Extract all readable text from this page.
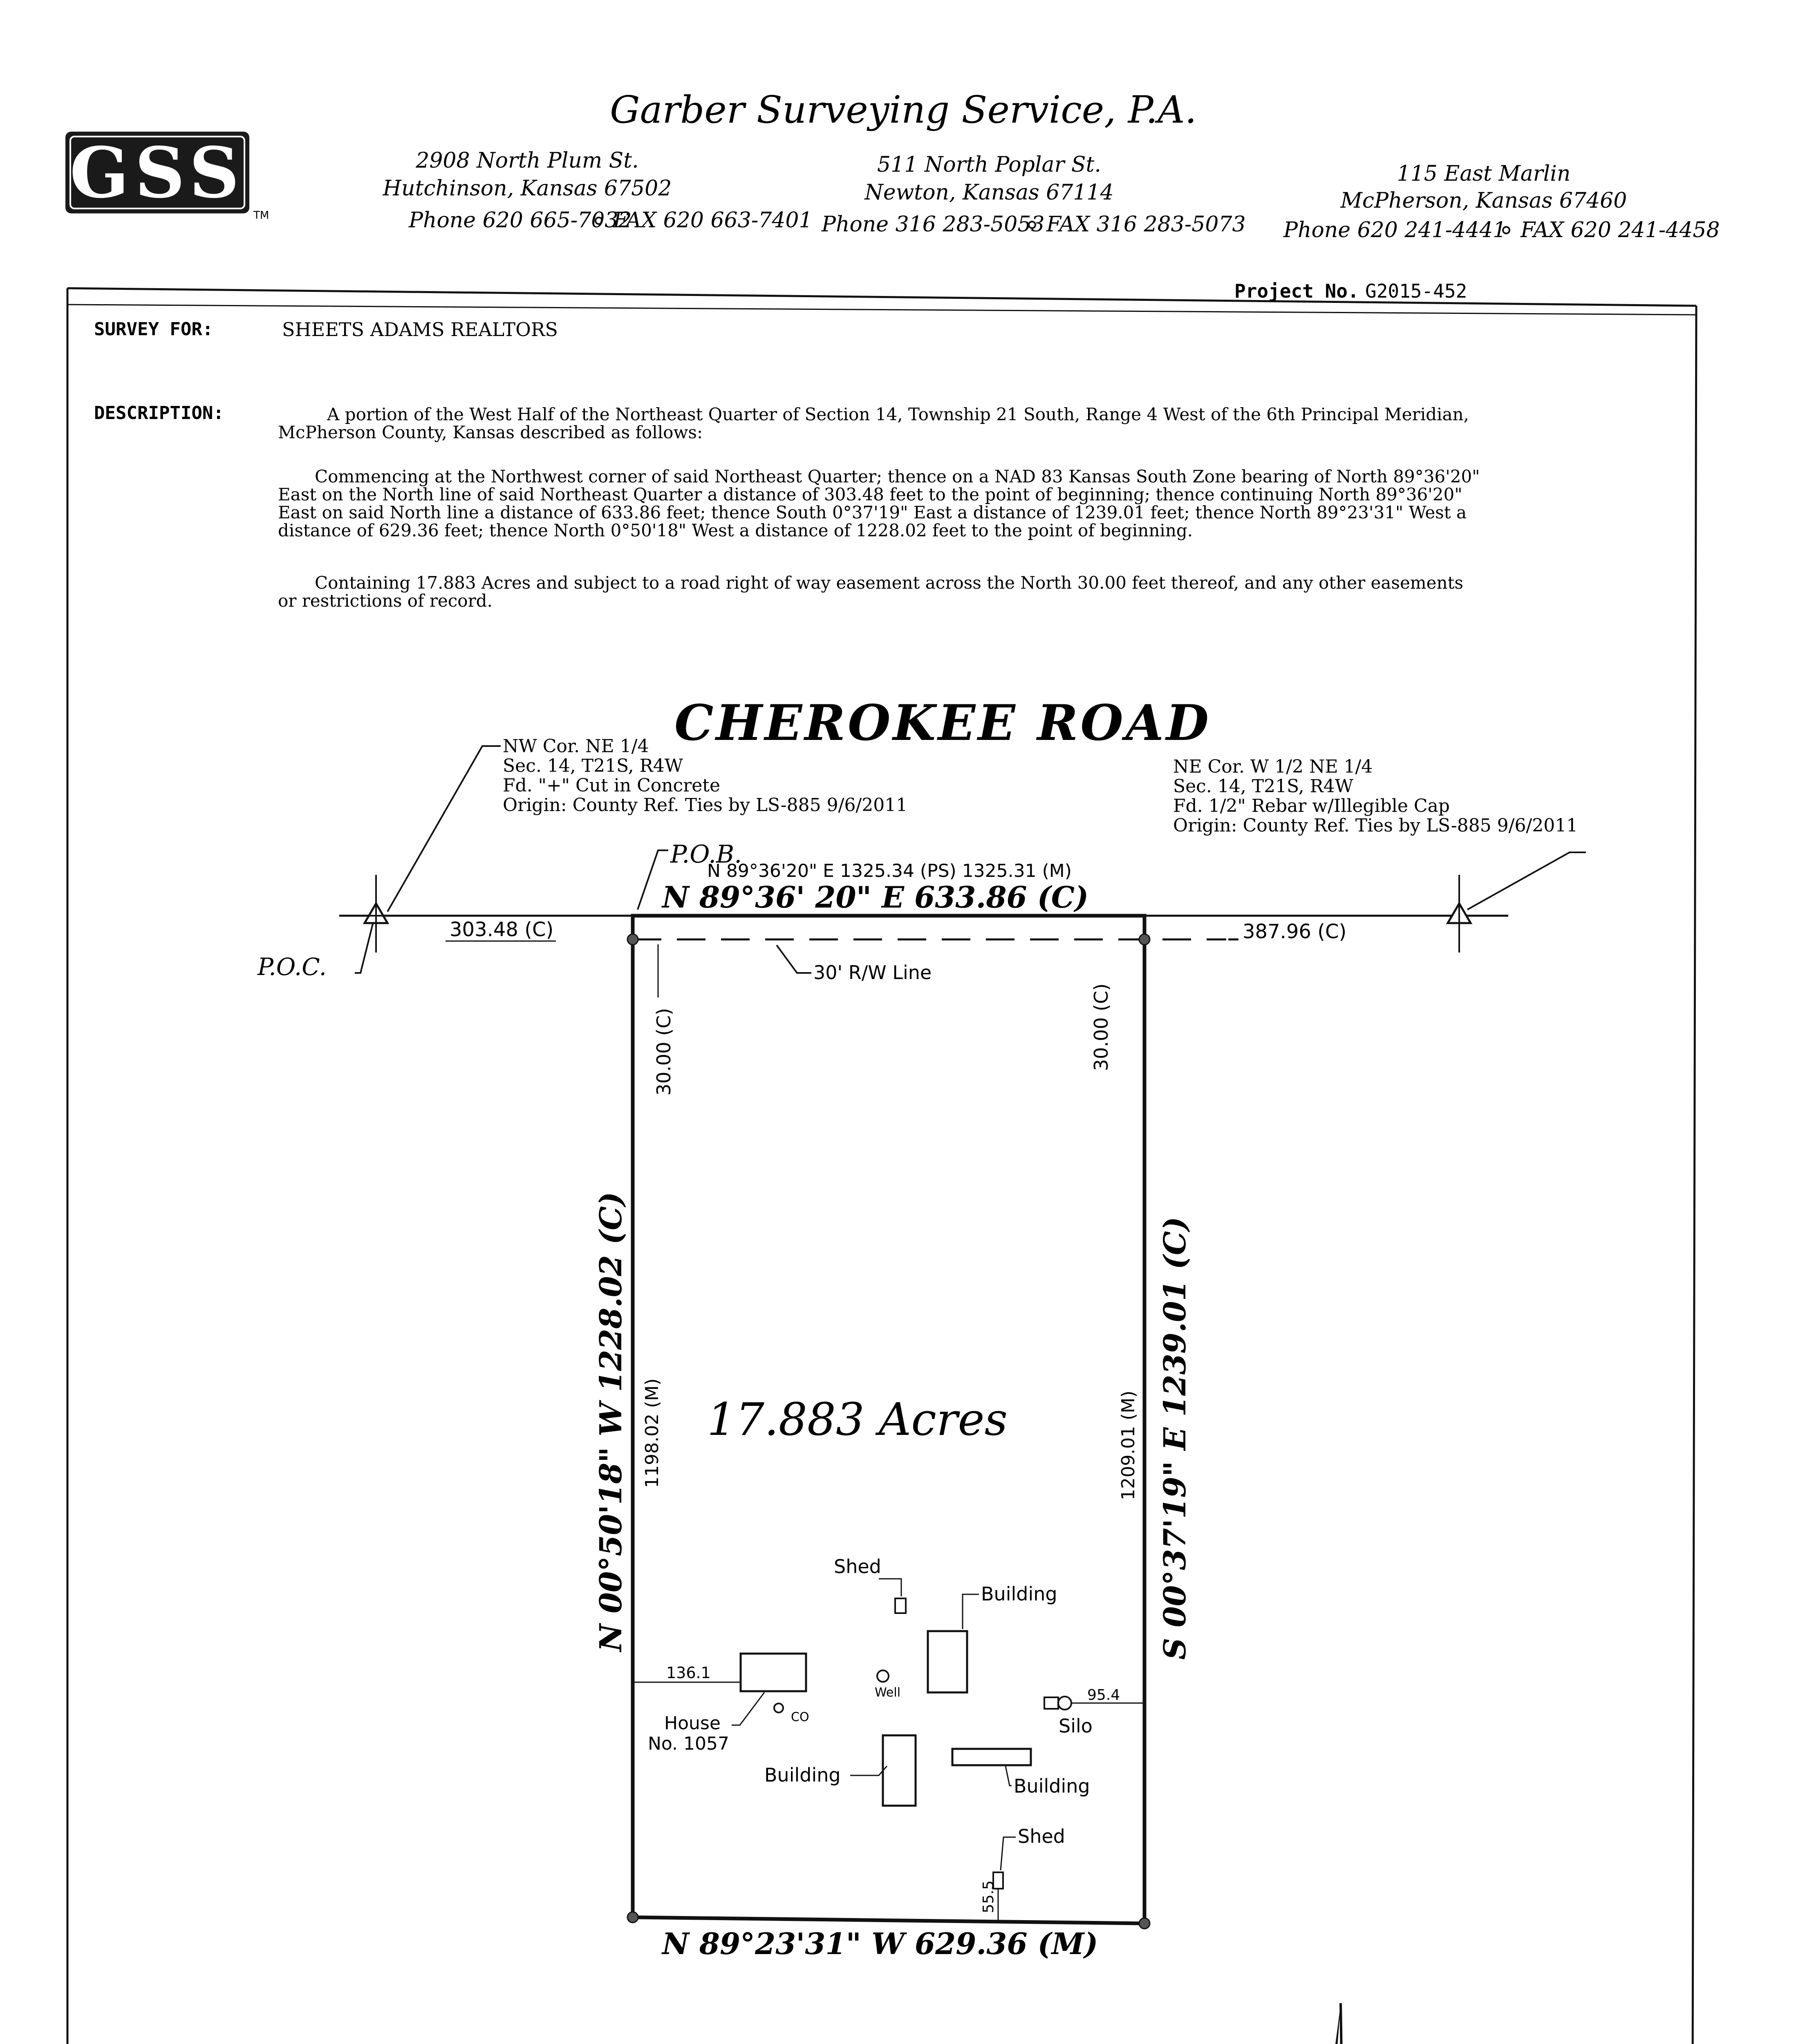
GSS
TM
Garber Surveying Service, P.A.
2908 North Plum St.
Hutchinson, Kansas 67502
Phone 620 665-7032
FAX 620 663-7401
511 North Poplar St.
Newton, Kansas 67114
Phone 316 283-5053 FAX 316 283-5073
115 East Marlin
McPherson, Kansas 67460
Phone 620 241-4441 FAX 620 241-4458
Project No. G2015-452
SURVEY FOR:	SHEETS ADAMS REALTORS
DESCRIPTION:	A portion of the West Half of the Northeast Quarter of Section 14, Township 21 South, Range 4 West of the 6th Principal Meridian,
McPherson County, Kansas described as follows:
Commencing at the Northwest corner of said Northeast Quarter; thence on a NAD 83 Kansas South Zone bearing of North 89°36'20"
East on the North line of said Northeast Quarter a distance of 303.48 feet to the point of beginning; thence continuing North 89°36'20"
East on said North line a distance of 633.86 feet; thence South 0°37'19" East a distance of 1239.01 feet; thence North 89°23'31" West a
distance of 629.36 feet; thence North 0°50'18" West a distance of 1228.02 feet to the point of beginning.
Containing 17.883 Acres and subject to a road right of way easement across the North 30.00 feet thereof, and any other easements
or restrictions of record.
CHEROKEE ROAD
NW Cor. NE 1/4
Sec. 14, T21S, R4W
Fd. "+" Cut in Concrete
Origin: County Ref. Ties by LS-885 9/6/2011
NE Cor. W 1/2 NE 1/4
Sec. 14, T21S, R4W
Fd. 1/2" Rebar w/Illegible Cap
Origin: County Ref. Ties by LS-885 9/6/2011
P.O.B.
P.O.C.
N 89°36'20" E 1325.34 (PS) 1325.31 (M)
N 89°36' 20" E 633.86 (C)
303.48 (C)	387.96 (C)
30' R/W Line
30.00 (C)	30.00 (C)
N 00°50'18" W 1228.02 (C) 1198.02 (M)	S 00°37'19" E 1239.01 (C)
1209.01 (M)
N 89°23'31" W 629.36 (M)
17.883 Acres
Shed
Building
Well
136.1
CO
House
No. 1057
95.4
Silo
Building	Building
55.5
Shed
